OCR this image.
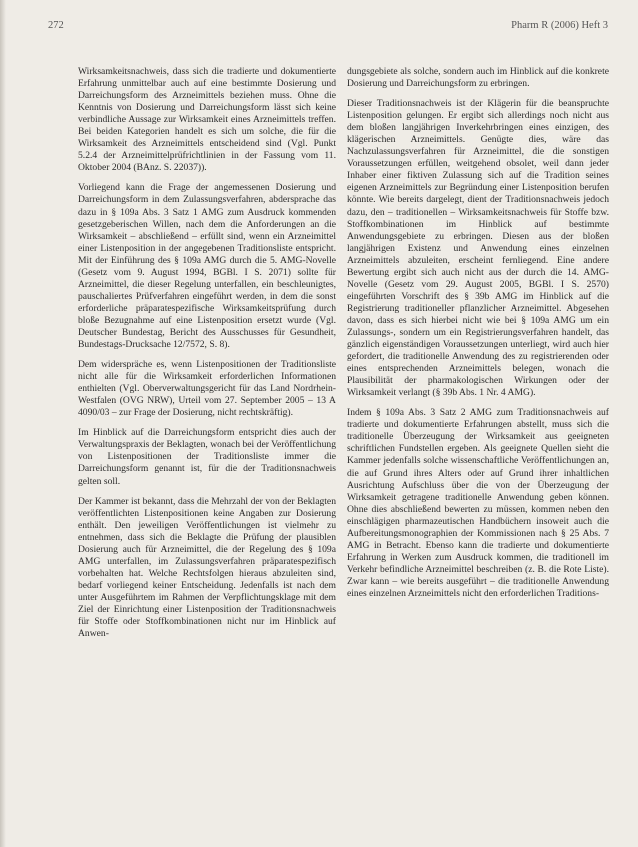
272	Pharm R (2006) Heft 3

Wirksamkeitsnachweis, dass sich die tradierte und dokumentierte Erfahrung unmittelbar auch auf eine bestimmte Dosierung und Darreichungsform des Arzneimittels beziehen muss. Ohne die Kenntnis von Dosierung und Darreichungsform lässt sich keine verbindliche Aussage zur Wirksamkeit eines Arzneimittels treffen. Bei beiden Kategorien handelt es sich um solche, die für die Wirksamkeit des Arzneimittels entscheidend sind (Vgl. Punkt 5.2.4 der Arzneimittelprüfrichtlinien in der Fassung vom 11. Oktober 2004 (BAnz. S. 22037)).

Vorliegend kann die Frage der angemessenen Dosierung und Darreichungsform in dem Zulassungsverfahren, abdersprache das dazu in § 109a Abs. 3 Satz 1 AMG zum Ausdruck kommenden gesetzgeberischen Willen, nach dem die Anforderungen an die Wirksamkeit – abschließend – erfüllt sind, wenn ein Arzneimittel einer Listenposition in der angegebenen Traditionsliste entspricht. Mit der Einführung des § 109a AMG durch die 5. AMG-Novelle (Gesetz vom 9. August 1994, BGBl. I S. 2071) sollte für Arzneimittel, die dieser Regelung unterfallen, ein beschleunigtes, pauschaliertes Prüfverfahren eingeführt werden, in dem die sonst erforderliche präparatespezifische Wirksamkeitsprüfung durch bloße Bezugnahme auf eine Listenposition ersetzt wurde (Vgl. Deutscher Bundestag, Bericht des Ausschusses für Gesundheit, Bundestags-Drucksache 12/7572, S. 8).

Dem widerspräche es, wenn Listenpositionen der Traditionsliste nicht alle für die Wirksamkeit erforderlichen Informationen enthielten (Vgl. Oberverwaltungsgericht für das Land Nordrhein-Westfalen (OVG NRW), Urteil vom 27. September 2005 – 13 A 4090/03 – zur Frage der Dosierung, nicht rechtskräftig).

Im Hinblick auf die Darreichungsform entspricht dies auch der Verwaltungspraxis der Beklagten, wonach bei der Veröffentlichung von Listenpositionen der Traditionsliste immer die Darreichungsform genannt ist, für die der Traditionsnachweis gelten soll.

Der Kammer ist bekannt, dass die Mehrzahl der von der Beklagten veröffentlichten Listenpositionen keine Angaben zur Dosierung enthält. Den jeweiligen Veröffentlichungen ist vielmehr zu entnehmen, dass sich die Beklagte die Prüfung der plausiblen Dosierung auch für Arzneimittel, die der Regelung des § 109a AMG unterfallen, im Zulassungsverfahren präparatespezifisch vorbehalten hat. Welche Rechtsfolgen hieraus abzuleiten sind, bedarf vorliegend keiner Entscheidung. Jedenfalls ist nach dem unter Ausgeführtem im Rahmen der Verpflichtungsklage mit dem Ziel der Einrichtung einer Listenposition der Traditionsnachweis für Stoffe oder Stoffkombinationen nicht nur im Hinblick auf Anwen-

dungsgebiete als solche, sondern auch im Hinblick auf die konkrete Dosierung und Darreichungsform zu erbringen.

Dieser Traditionsnachweis ist der Klägerin für die beanspruchte Listenposition gelungen. Er ergibt sich allerdings noch nicht aus dem bloßen langjährigen Inverkehrbringen eines einzigen, des klägerischen Arzneimittels. Genügte dies, wäre das Nachzulassungsverfahren für Arzneimittel, die die sonstigen Voraussetzungen erfüllen, weitgehend obsolet, weil dann jeder Inhaber einer fiktiven Zulassung sich auf die Tradition seines eigenen Arzneimittels zur Begründung einer Listenposition berufen könnte. Wie bereits dargelegt, dient der Traditionsnachweis jedoch dazu, den – traditionellen – Wirksamkeitsnachweis für Stoffe bzw. Stoffkombinationen im Hinblick auf bestimmte Anwendungsgebiete zu erbringen. Diesen aus der bloßen langjährigen Existenz und Anwendung eines einzelnen Arzneimittels abzuleiten, erscheint fernliegend. Eine andere Bewertung ergibt sich auch nicht aus der durch die 14. AMG-Novelle (Gesetz vom 29. August 2005, BGBl. I S. 2570) eingeführten Vorschrift des § 39b AMG im Hinblick auf die Registrierung traditioneller pflanzlicher Arzneimittel. Abgesehen davon, dass es sich hierbei nicht wie bei § 109a AMG um ein Zulassungs-, sondern um ein Registrierungsverfahren handelt, das gänzlich eigenständigen Voraussetzungen unterliegt, wird auch hier gefordert, die traditionelle Anwendung des zu registrierenden oder eines entsprechenden Arzneimittels belegen, wonach die Plausibilität der pharmakologischen Wirkungen oder der Wirksamkeit verlangt (§ 39b Abs. 1 Nr. 4 AMG).

Indem § 109a Abs. 3 Satz 2 AMG zum Traditionsnachweis auf tradierte und dokumentierte Erfahrungen abstellt, muss sich die traditionelle Überzeugung der Wirksamkeit aus geeigneten schriftlichen Fundstellen ergeben. Als geeignete Quellen sieht die Kammer jedenfalls solche wissenschaftliche Veröffentlichungen an, die auf Grund ihres Alters oder auf Grund ihrer inhaltlichen Ausrichtung Aufschluss über die von der Überzeugung der Wirksamkeit getragene traditionelle Anwendung geben können. Ohne dies abschließend bewerten zu müssen, kommen neben den einschlägigen pharmazeutischen Handbüchern insoweit auch die Aufbereitungsmonographien der Kommissionen nach § 25 Abs. 7 AMG in Betracht. Ebenso kann die tradierte und dokumentierte Erfahrung in Werken zum Ausdruck kommen, die traditionell im Verkehr befindliche Arzneimittel beschreiben (z. B. die Rote Liste). Zwar kann – wie bereits ausgeführt – die traditionelle Anwendung eines einzelnen Arzneimittels nicht den erforderlichen Traditions-
